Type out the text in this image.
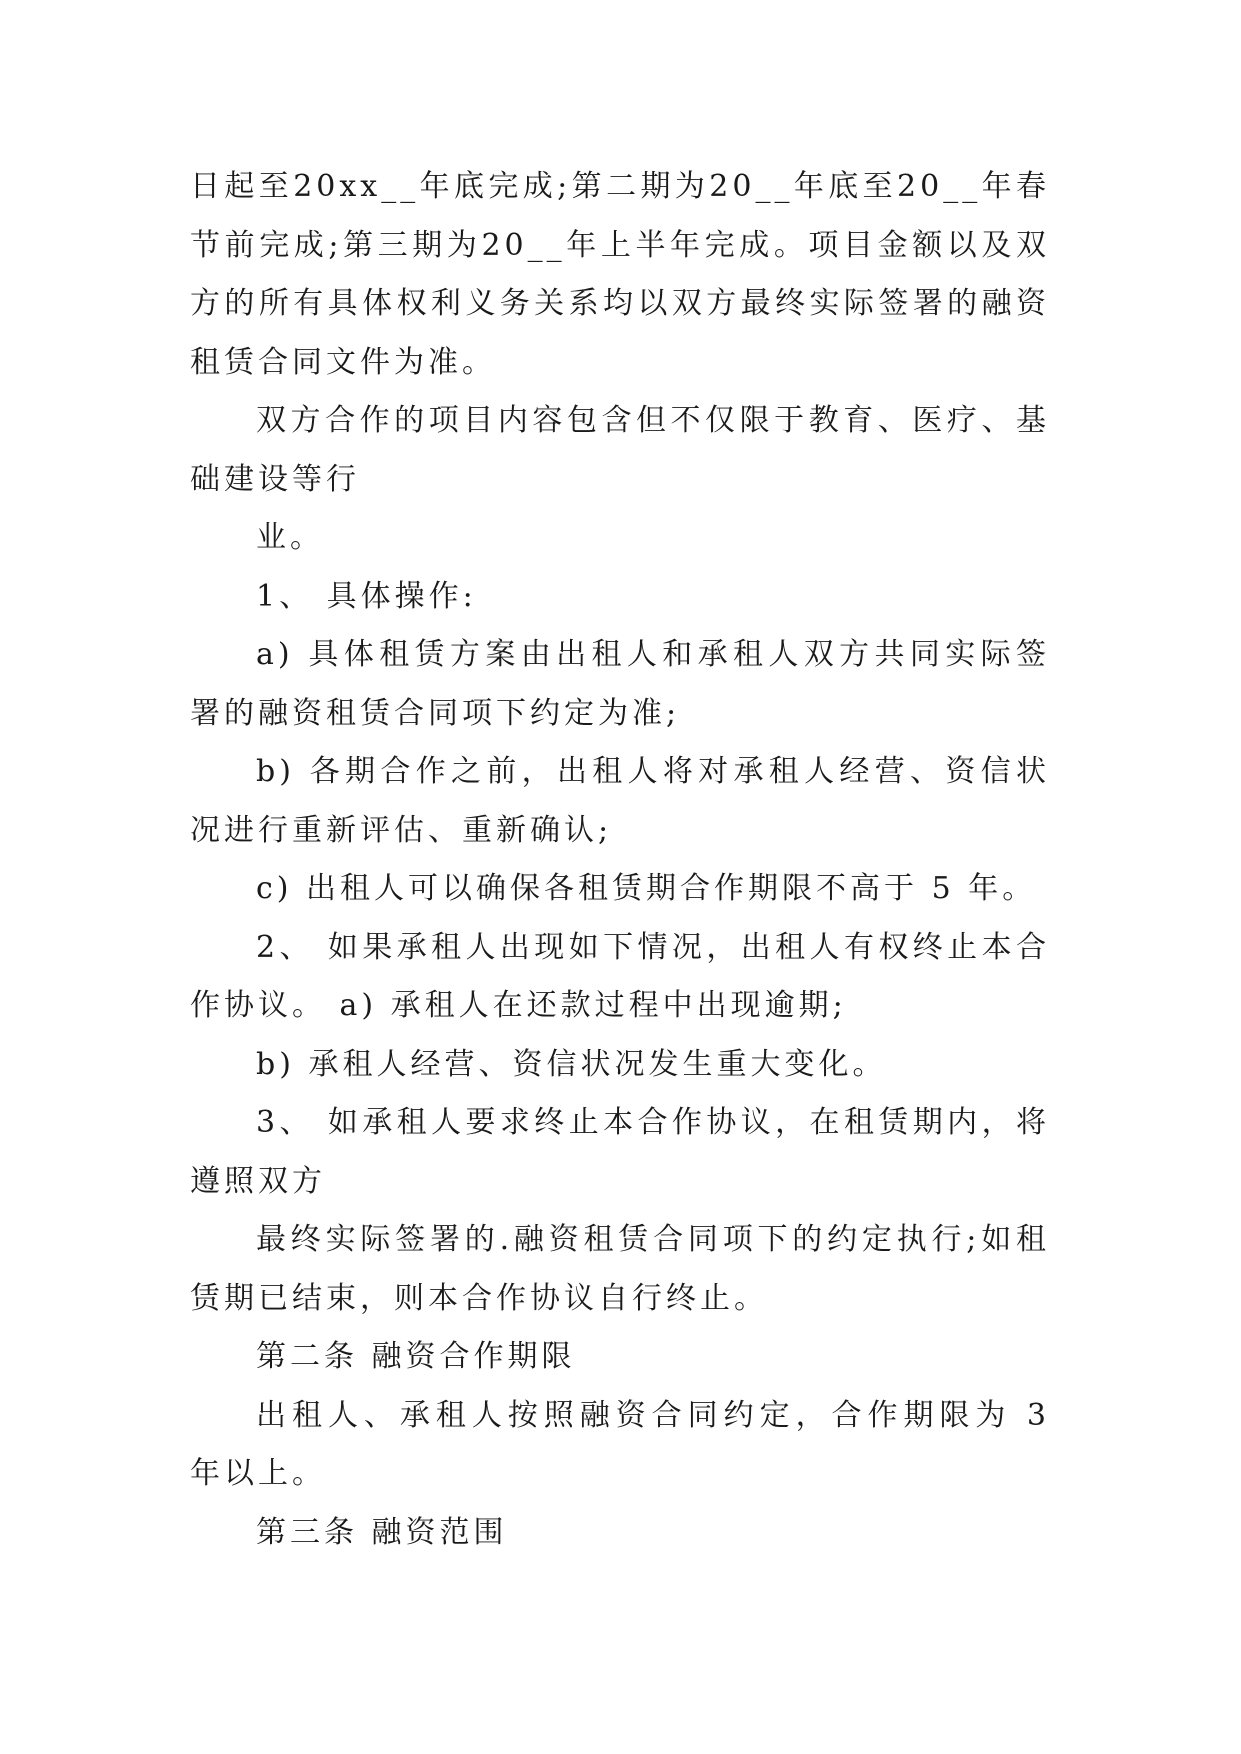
日起至20xx__年底完成;第二期为20__年底至20__年春节前完成;第三期为20__年上半年完成。项目金额以及双方的所有具体权利义务关系均以双方最终实际签署的融资租赁合同文件为准。

双方合作的项目内容包含但不仅限于教育、医疗、基础建设等行

业。

1、 具体操作:

a) 具体租赁方案由出租人和承租人双方共同实际签署的融资租赁合同项下约定为准;

b) 各期合作之前，出租人将对承租人经营、资信状况进行重新评估、重新确认;

c) 出租人可以确保各租赁期合作期限不高于 5 年。

2、 如果承租人出现如下情况，出租人有权终止本合作协议。 a) 承租人在还款过程中出现逾期;

b) 承租人经营、资信状况发生重大变化。

3、 如承租人要求终止本合作协议，在租赁期内，将遵照双方

最终实际签署的.融资租赁合同项下的约定执行;如租赁期已结束，则本合作协议自行终止。

第二条 融资合作期限

出租人、承租人按照融资合同约定，合作期限为 3 年以上。

第三条 融资范围
